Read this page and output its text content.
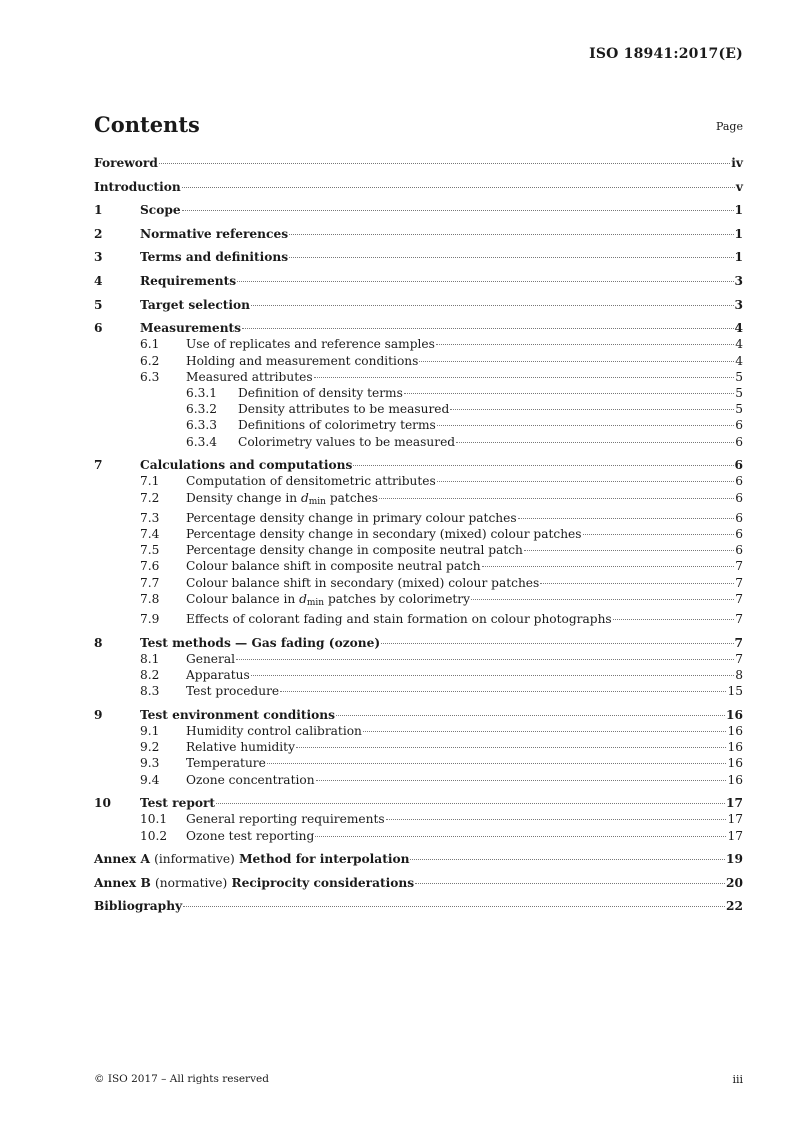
ISO 18941:2017(E)
Contents	Page
Foreword	iv
Introduction	v
1	Scope	1
2	Normative references	1
3	Terms and definitions	1
4	Requirements	3
5	Target selection	3
6	Measurements	4
6.1	Use of replicates and reference samples	4
6.2	Holding and measurement conditions	4
6.3	Measured attributes	5
6.3.1	Definition of density terms	5
6.3.2	Density attributes to be measured	5
6.3.3	Definitions of colorimetry terms	6
6.3.4	Colorimetry values to be measured	6
7	Calculations and computations	6
7.1	Computation of densitometric attributes	6
7.2	Density change in $d_{min}$ patches	6
7.3	Percentage density change in primary colour patches	6
7.4	Percentage density change in secondary (mixed) colour patches	6
7.5	Percentage density change in composite neutral patch	6
7.6	Colour balance shift in composite neutral patch	7
7.7	Colour balance shift in secondary (mixed) colour patches	7
7.8	Colour balance in $d_{min}$ patches by colorimetry	7
7.9	Effects of colorant fading and stain formation on colour photographs	7
8	Test methods — Gas fading (ozone)	7
8.1	General	7
8.2	Apparatus	8
8.3	Test procedure	15
9	Test environment conditions	16
9.1	Humidity control calibration	16
9.2	Relative humidity	16
9.3	Temperature	16
9.4	Ozone concentration	16
10	Test report	17
10.1	General reporting requirements	17
10.2	Ozone test reporting	17
Annex A (informative) Method for interpolation	19
Annex B (normative) Reciprocity considerations	20
Bibliography	22
© ISO 2017 – All rights reserved	iii
